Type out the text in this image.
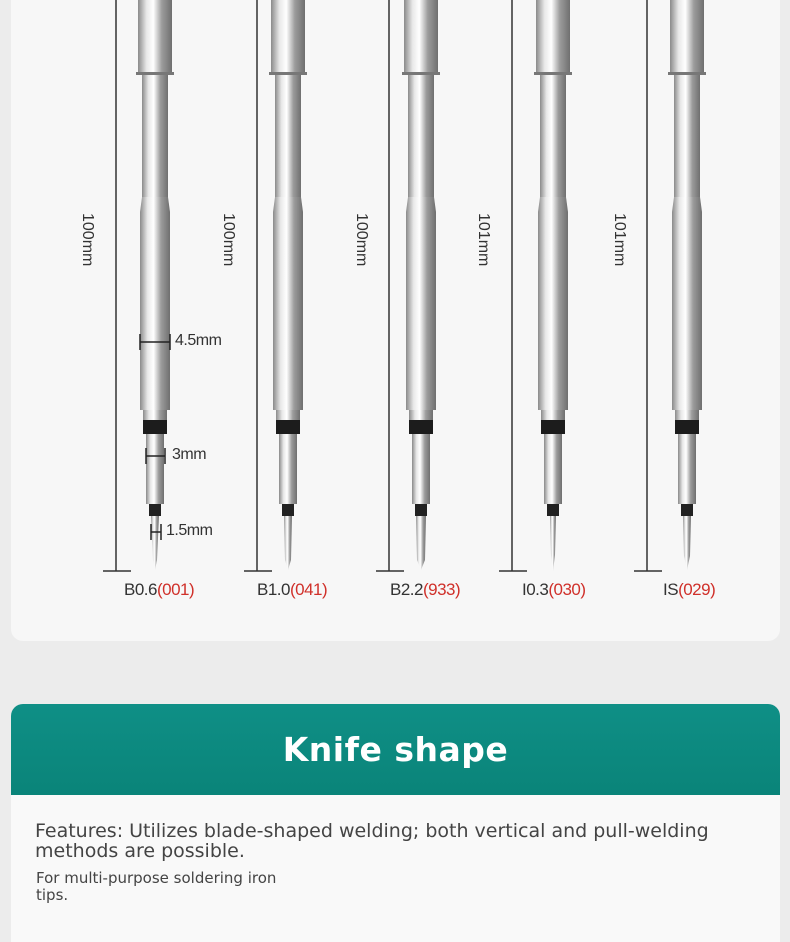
100mm	100mm	100mm	101mm	101mm
4.5mm
3mm
1.5mm
B0.6(001)	B1.0(041)	B2.2(933)	I0.3(030)	IS(029)
Knife shape
Features: Utilizes blade-shaped welding; both vertical and pull-welding methods are possible.
For multi-purpose soldering iron tips.
